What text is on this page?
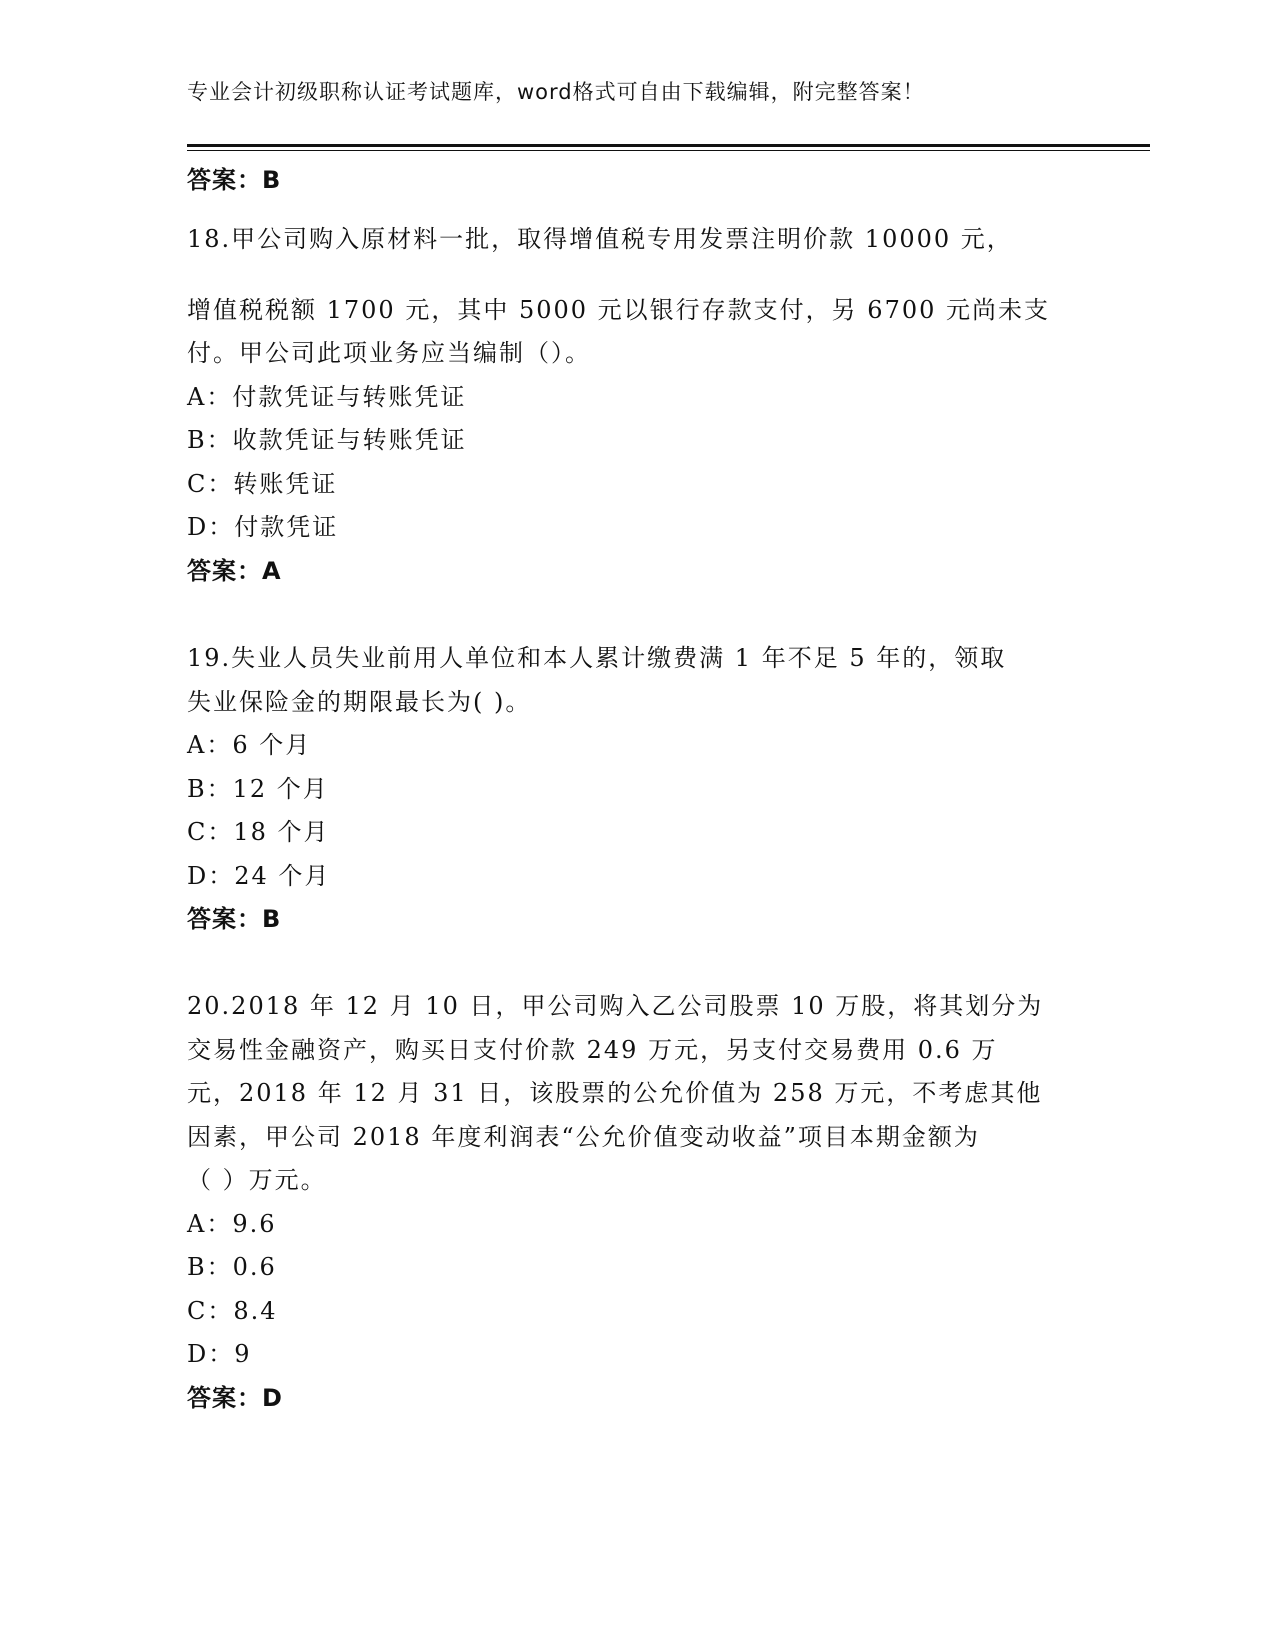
专业会计初级职称认证考试题库，word格式可自由下载编辑，附完整答案！
答案：B
18.甲公司购入原材料一批，取得增值税专用发票注明价款 10000 元，
增值税税额 1700 元，其中 5000 元以银行存款支付，另 6700 元尚未支
付。甲公司此项业务应当编制（）。
A：付款凭证与转账凭证
B：收款凭证与转账凭证
C：转账凭证
D：付款凭证
答案：A
19.失业人员失业前用人单位和本人累计缴费满 1 年不足 5 年的，领取
失业保险金的期限最长为( )。
A：6 个月
B：12 个月
C：18 个月
D：24 个月
答案：B
20.2018 年 12 月 10 日，甲公司购入乙公司股票 10 万股，将其划分为
交易性金融资产，购买日支付价款 249 万元，另支付交易费用 0.6 万
元，2018 年 12 月 31 日，该股票的公允价值为 258 万元，不考虑其他
因素，甲公司 2018 年度利润表“公允价值变动收益”项目本期金额为
（ ）万元。
A：9.6
B：0.6
C：8.4
D：9
答案：D
